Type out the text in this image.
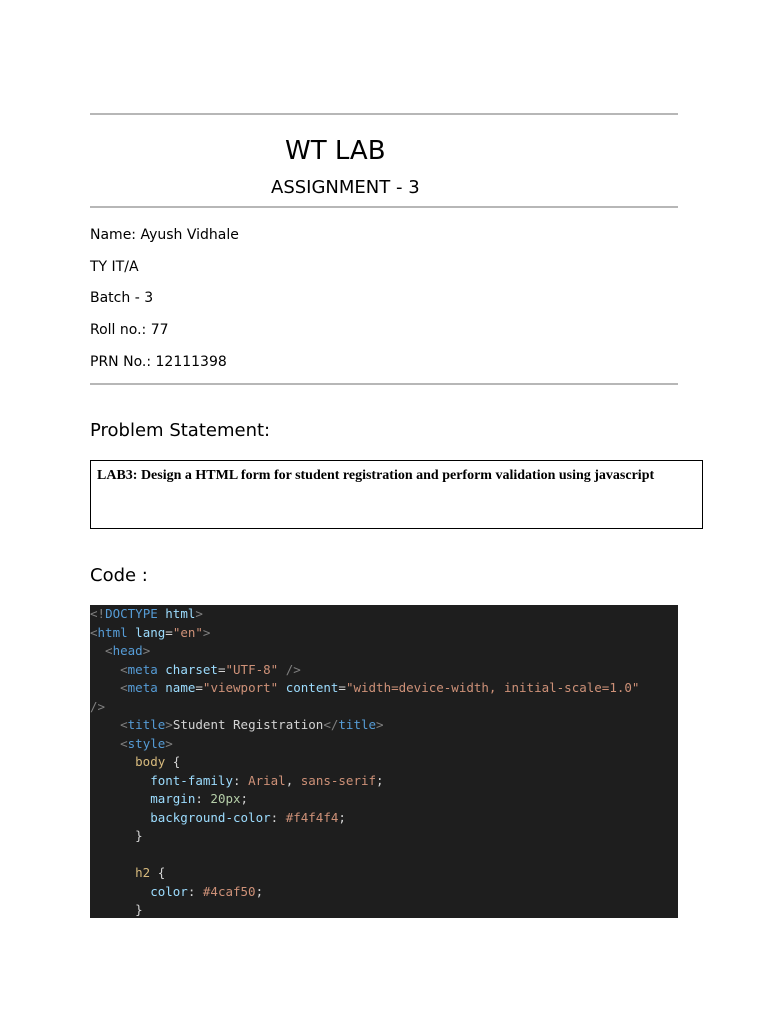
WT LAB
ASSIGNMENT - 3
Name: Ayush Vidhale
TY IT/A
Batch - 3
Roll no.: 77
PRN No.: 12111398
Problem Statement:
LAB3: Design a HTML form for student registration and perform validation using javascript
Code :
<!DOCTYPE html>
<html lang="en">
<head>
<meta charset="UTF-8" />
<meta name="viewport" content="width=device-width, initial-scale=1.0"
/>
<title>Student Registration</title>
<style>
body {
font-family: Arial, sans-serif;
margin: 20px;
background-color: #f4f4f4;
}
h2 {
color: #4caf50;
}
